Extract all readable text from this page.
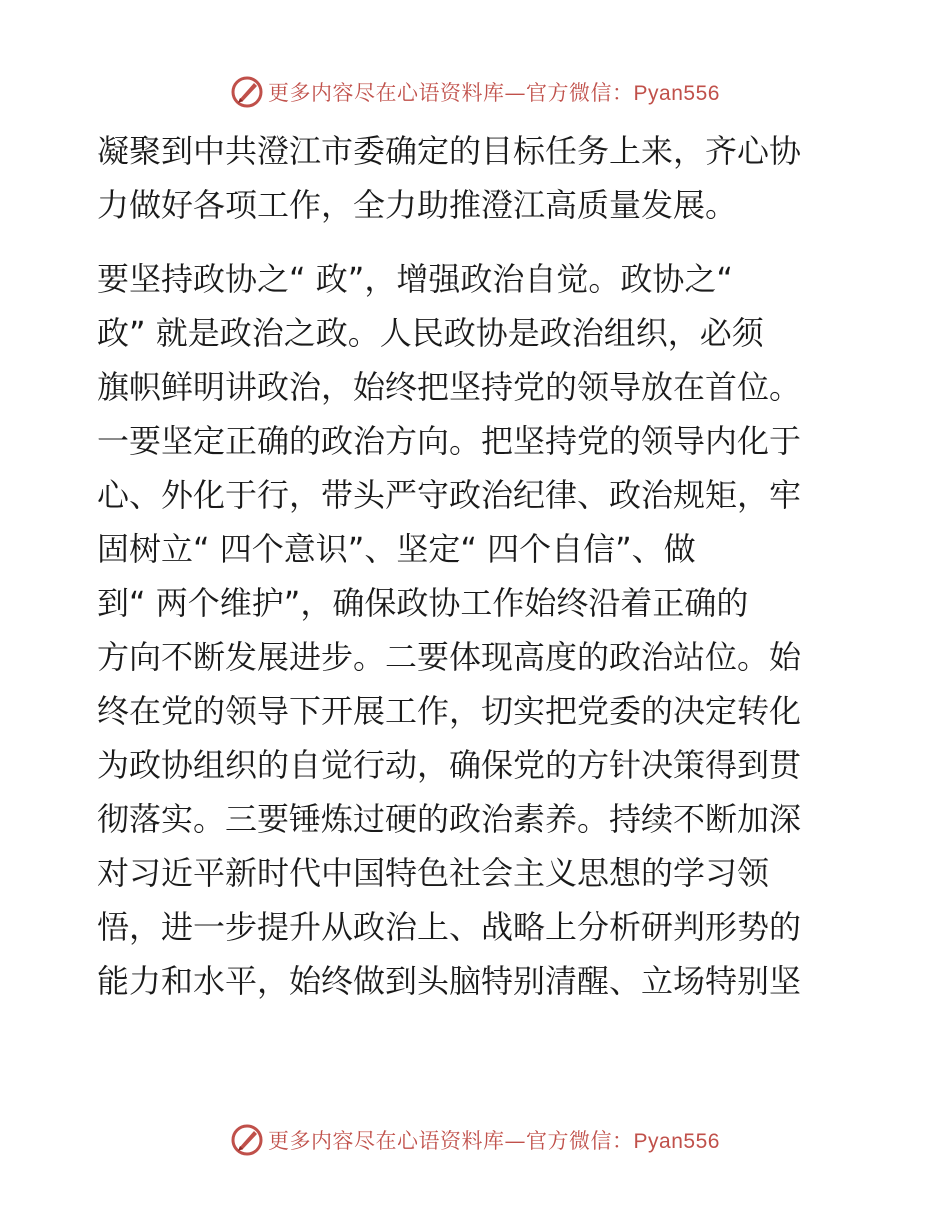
更多内容尽在心语资料库—官方微信：Pyan556
凝聚到中共澄江市委确定的目标任务上来，齐心协
力做好各项工作，全力助推澄江高质量发展。
要坚持政协之“ 政”，增强政治自觉。政协之“
政” 就是政治之政。人民政协是政治组织，必须
旗帜鲜明讲政治，始终把坚持党的领导放在首位。
一要坚定正确的政治方向。把坚持党的领导内化于
心、外化于行，带头严守政治纪律、政治规矩，牢
固树立“ 四个意识”、坚定“ 四个自信”、做
到“ 两个维护”，确保政协工作始终沿着正确的
方向不断发展进步。二要体现高度的政治站位。始
终在党的领导下开展工作，切实把党委的决定转化
为政协组织的自觉行动，确保党的方针决策得到贯
彻落实。三要锤炼过硬的政治素养。持续不断加深
对习近平新时代中国特色社会主义思想的学习领
悟，进一步提升从政治上、战略上分析研判形势的
能力和水平，始终做到头脑特别清醒、立场特别坚
更多内容尽在心语资料库—官方微信：Pyan556
